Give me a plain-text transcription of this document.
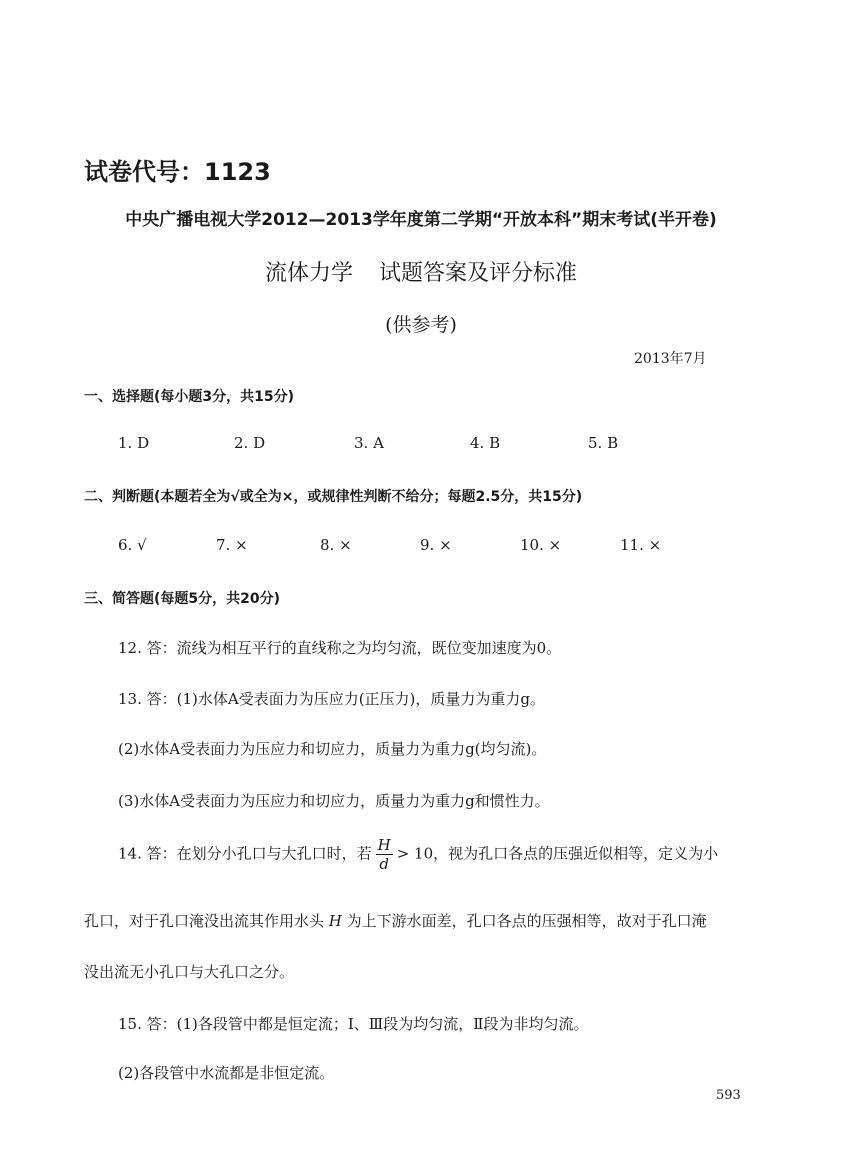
试卷代号：1123
中央广播电视大学2012—2013学年度第二学期“开放本科”期末考试(半开卷)
流体力学 试题答案及评分标准
(供参考)
2013年7月
一、选择题(每小题3分，共15分)
1. D	2. D	3. A	4. B	5. B
二、判断题(本题若全为√或全为×，或规律性判断不给分；每题2.5分，共15分)
6. √	7. ×	8. ×	9. ×	10. ×	11. ×
三、简答题(每题5分，共20分)
12. 答：流线为相互平行的直线称之为均匀流，既位变加速度为0。
13. 答：(1)水体A受表面力为压应力(正压力)，质量力为重力g。
(2)水体A受表面力为压应力和切应力，质量力为重力g(均匀流)。
(3)水体A受表面力为压应力和切应力，质量力为重力g和惯性力。
14. 答：在划分小孔口与大孔口时，若 $\frac{H}{d} > 10$，视为孔口各点的压强近似相等，定义为小
孔口，对于孔口淹没出流其作用水头 H 为上下游水面差，孔口各点的压强相等，故对于孔口淹
没出流无小孔口与大孔口之分。
15. 答：(1)各段管中都是恒定流；Ⅰ、Ⅲ段为均匀流，Ⅱ段为非均匀流。
(2)各段管中水流都是非恒定流。
593
